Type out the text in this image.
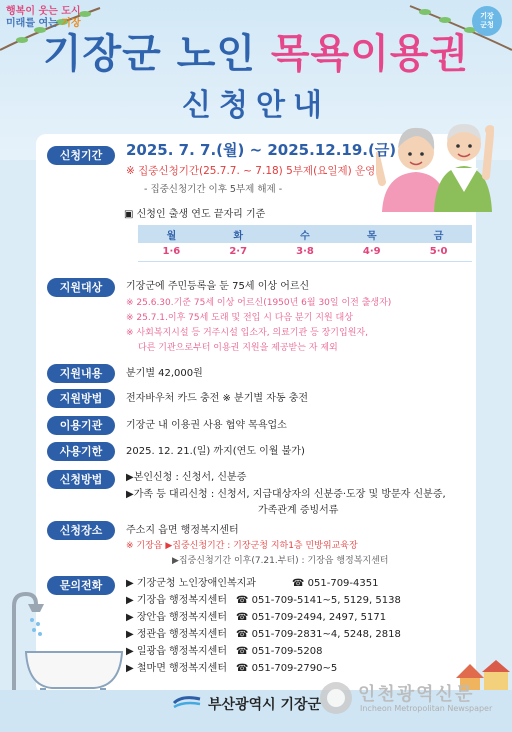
행복이 웃는 도시
미래를 여는 기장
기장
군청
기장군 노인 목욕이용권
신청안내
신청기간	2025. 7. 7.(월) ~ 2025.12.19.(금)
※ 집중신청기간(25.7.7. ~ 7.18) 5부제(요일제) 운영
- 집중신청기간 이후 5부제 해제 -
▣ 신청인 출생 연도 끝자리 기준
월	화	수	목	금
1·6	2·7	3·8	4·9	5·0
지원대상	기장군에 주민등록을 둔 75세 이상 어르신
※ 25.6.30.기준 75세 이상 어르신(1950년 6월 30일 이전 출생자)
※ 25.7.1.이후 75세 도래 및 전입 시 다음 분기 지원 대상
※ 사회복지시설 등 거주시설 입소자, 의료기관 등 장기입원자,
다른 기관으로부터 이용권 지원을 제공받는 자 제외
지원내용	분기별 42,000원
지원방법	전자바우처 카드 충전 ※ 분기별 자동 충전
이용기관	기장군 내 이용권 사용 협약 목욕업소
사용기한	2025. 12. 21.(일) 까지(연도 이월 불가)
신청방법	▶본인신청 : 신청서, 신분증
▶가족 등 대리신청 : 신청서, 지급대상자의 신분증·도장 및 방문자 신분증,
가족관계 증빙서류
신청장소	주소지 읍면 행정복지센터
※ 기장읍 ▶집중신청기간 : 기장군청 지하1층 민방위교육장
▶집중신청기간 이후(7.21.부터) : 기장읍 행정복지센터
문의전화	▶ 기장군청 노인장애인복지과	☎ 051-709-4351
▶ 기장읍 행정복지센터 ☎ 051-709-5141~5, 5129, 5138
▶ 장안읍 행정복지센터 ☎ 051-709-2494, 2497, 5171
▶ 정관읍 행정복지센터 ☎ 051-709-2831~4, 5248, 2818
▶ 일광읍 행정복지센터 ☎ 051-709-5208
▶ 철마면 행정복지센터 ☎ 051-709-2790~5
부산광역시 기장군 인천광역신문
Incheon Metropolitan Newspaper
